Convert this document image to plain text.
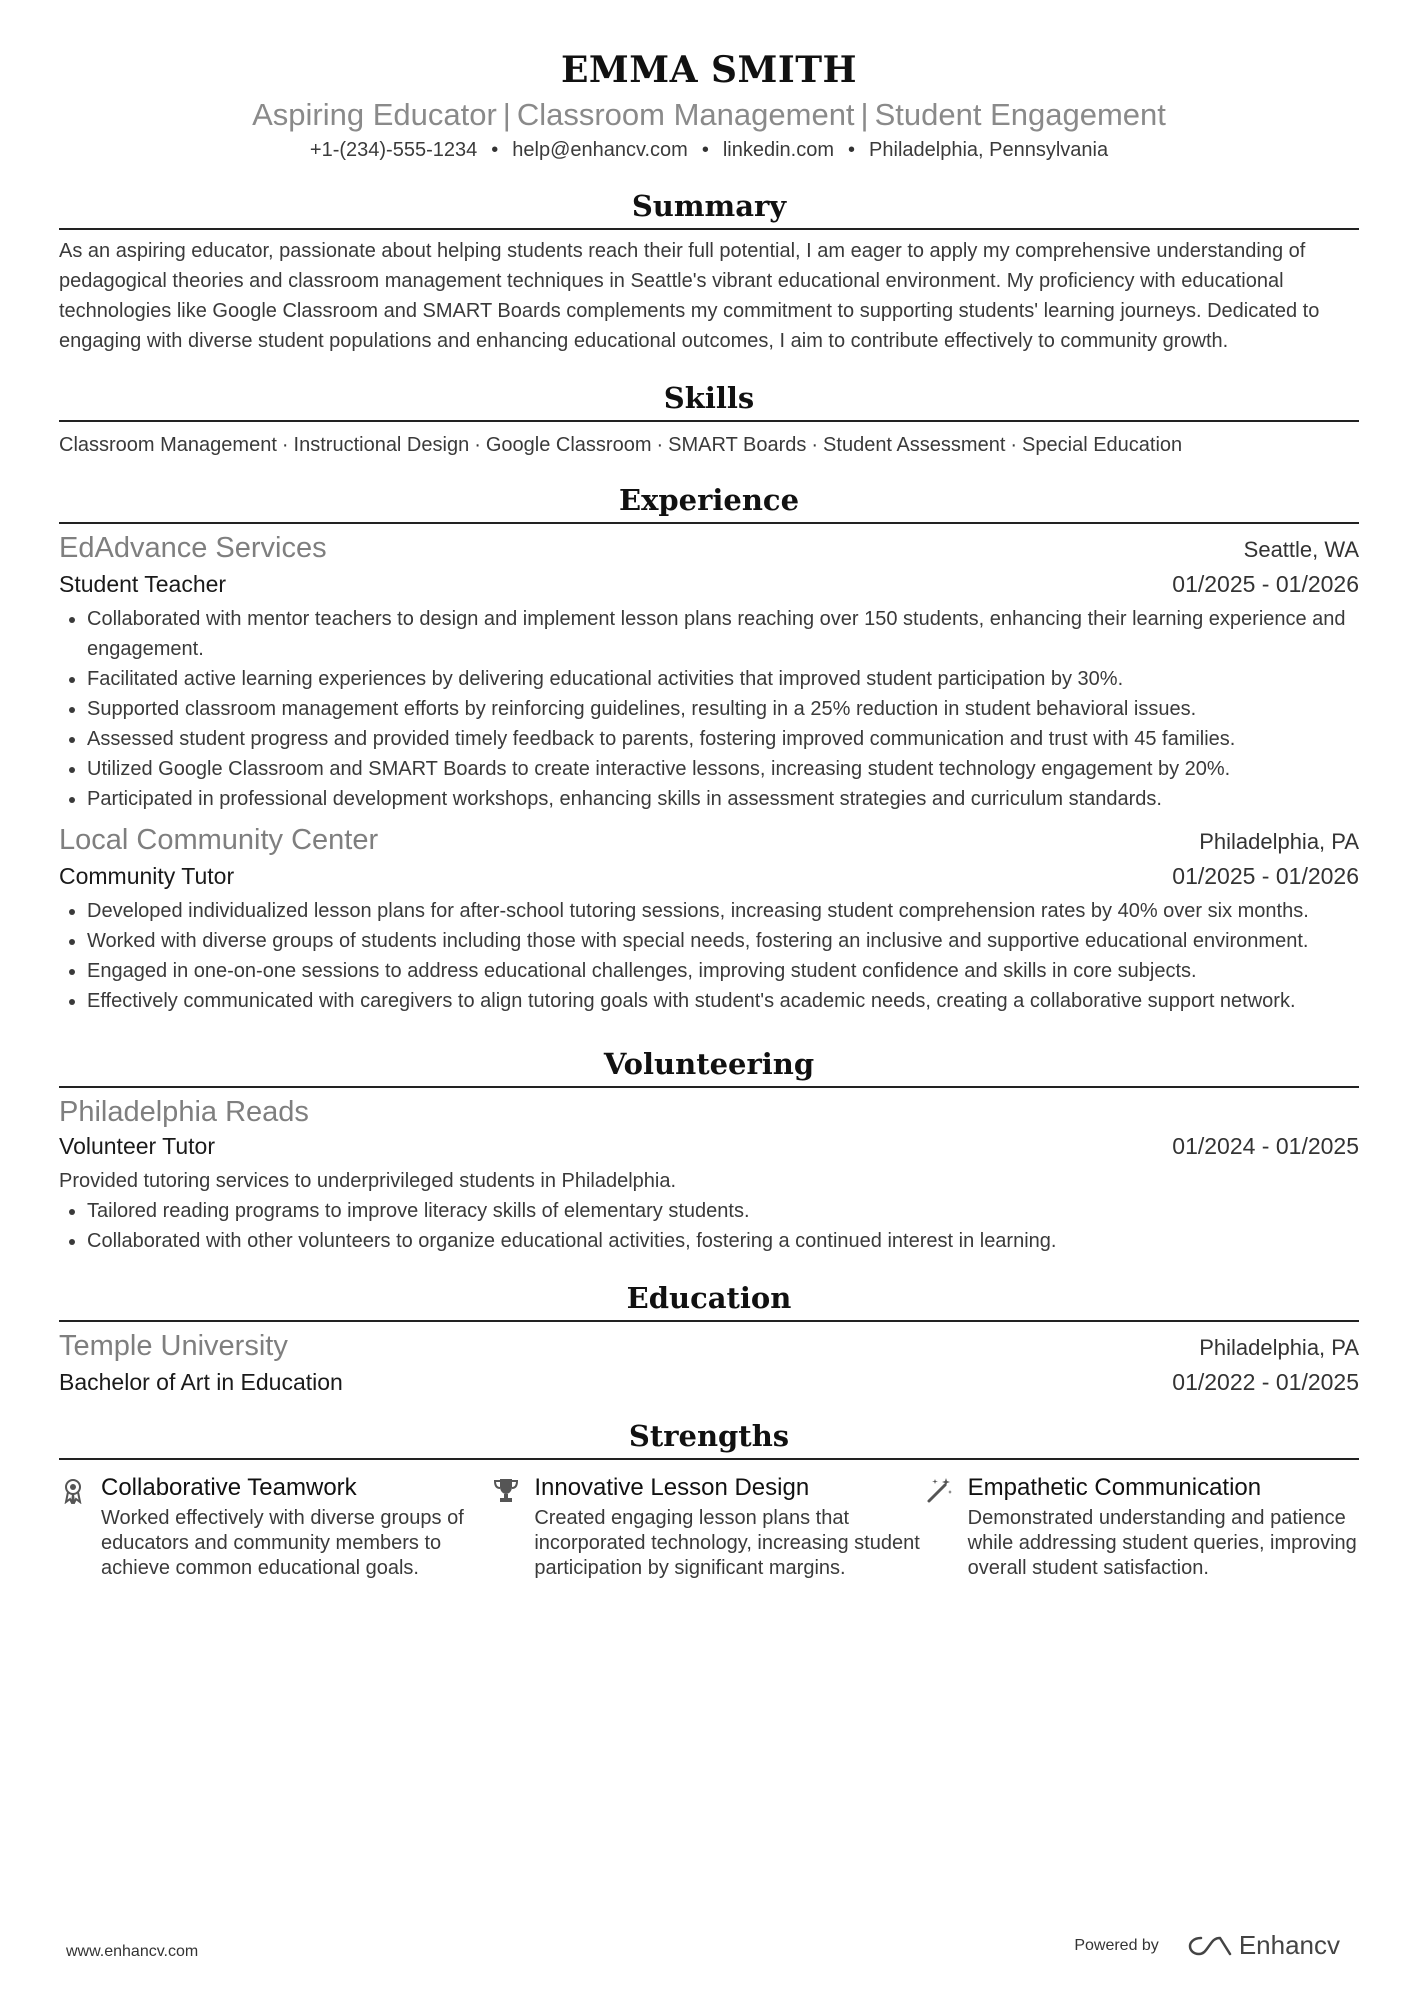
EMMA SMITH
Aspiring Educator | Classroom Management | Student Engagement
+1-(234)-555-1234 • help@enhancv.com • linkedin.com • Philadelphia, Pennsylvania
Summary
As an aspiring educator, passionate about helping students reach their full potential, I am eager to apply my comprehensive understanding of pedagogical theories and classroom management techniques in Seattle's vibrant educational environment. My proficiency with educational technologies like Google Classroom and SMART Boards complements my commitment to supporting students' learning journeys. Dedicated to engaging with diverse student populations and enhancing educational outcomes, I aim to contribute effectively to community growth.
Skills
Classroom Management · Instructional Design · Google Classroom · SMART Boards · Student Assessment · Special Education
Experience
EdAdvance Services	Seattle, WA
Student Teacher	01/2025 - 01/2026
• Collaborated with mentor teachers to design and implement lesson plans reaching over 150 students, enhancing their learning experience and engagement.
• Facilitated active learning experiences by delivering educational activities that improved student participation by 30%.
• Supported classroom management efforts by reinforcing guidelines, resulting in a 25% reduction in student behavioral issues.
• Assessed student progress and provided timely feedback to parents, fostering improved communication and trust with 45 families.
• Utilized Google Classroom and SMART Boards to create interactive lessons, increasing student technology engagement by 20%.
• Participated in professional development workshops, enhancing skills in assessment strategies and curriculum standards.
Local Community Center	Philadelphia, PA
Community Tutor	01/2025 - 01/2026
• Developed individualized lesson plans for after-school tutoring sessions, increasing student comprehension rates by 40% over six months.
• Worked with diverse groups of students including those with special needs, fostering an inclusive and supportive educational environment.
• Engaged in one-on-one sessions to address educational challenges, improving student confidence and skills in core subjects.
• Effectively communicated with caregivers to align tutoring goals with student's academic needs, creating a collaborative support network.
Volunteering
Philadelphia Reads
Volunteer Tutor	01/2024 - 01/2025
Provided tutoring services to underprivileged students in Philadelphia.
• Tailored reading programs to improve literacy skills of elementary students.
• Collaborated with other volunteers to organize educational activities, fostering a continued interest in learning.
Education
Temple University	Philadelphia, PA
Bachelor of Art in Education	01/2022 - 01/2025
Strengths
Collaborative Teamwork
Worked effectively with diverse groups of educators and community members to achieve common educational goals.
Innovative Lesson Design
Created engaging lesson plans that incorporated technology, increasing student participation by significant margins.
Empathetic Communication
Demonstrated understanding and patience while addressing student queries, improving overall student satisfaction.
www.enhancv.com	Powered by	Enhancv
